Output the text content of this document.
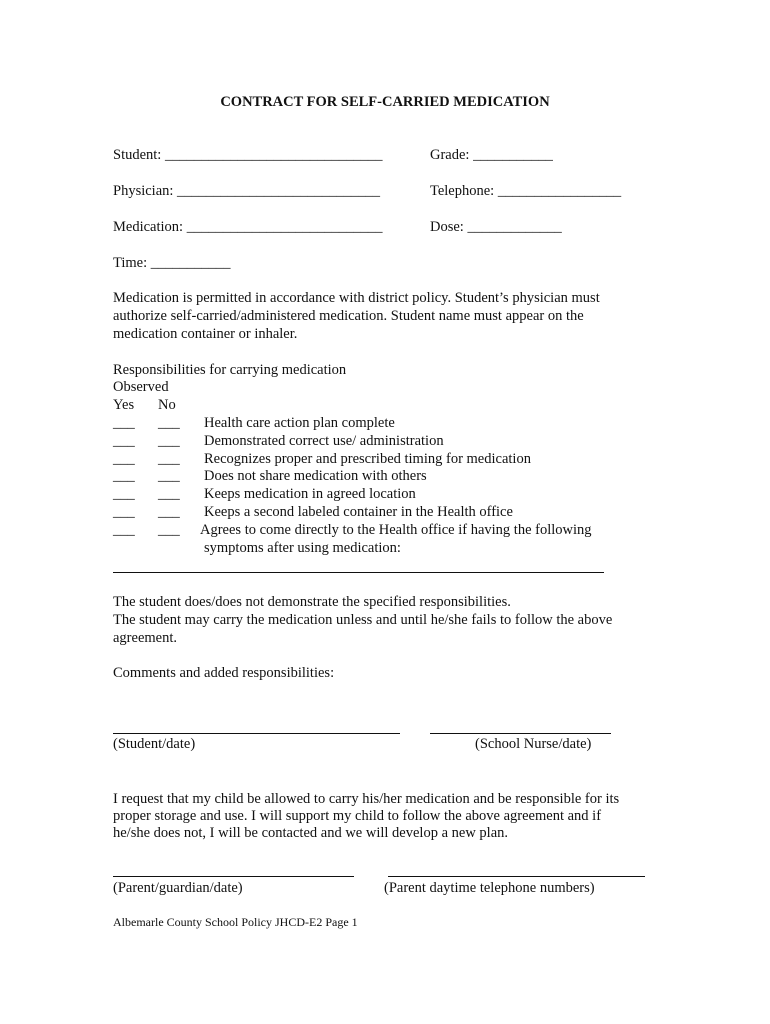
CONTRACT FOR SELF-CARRIED MEDICATION
Student: ______________________________	Grade: ___________
Physician: ____________________________	Telephone: _________________
Medication: ___________________________	Dose: _____________
Time: ___________
Medication is permitted in accordance with district policy. Student’s physician must
authorize self-carried/administered medication. Student name must appear on the
medication container or inhaler.
Responsibilities for carrying medication
Observed
Yes No
___ ___ Health care action plan complete
___ ___ Demonstrated correct use/ administration
___ ___ Recognizes proper and prescribed timing for medication
___ ___ Does not share medication with others
___ ___ Keeps medication in agreed location
___ ___ Keeps a second labeled container in the Health office
___ ___ Agrees to come directly to the Health office if having the following
symptoms after using medication:
The student does/does not demonstrate the specified responsibilities.
The student may carry the medication unless and until he/she fails to follow the above
agreement.
Comments and added responsibilities:
(Student/date)	(School Nurse/date)
I request that my child be allowed to carry his/her medication and be responsible for its
proper storage and use. I will support my child to follow the above agreement and if
he/she does not, I will be contacted and we will develop a new plan.
(Parent/guardian/date)	(Parent daytime telephone numbers)
Albemarle County School Policy JHCD-E2 Page 1
